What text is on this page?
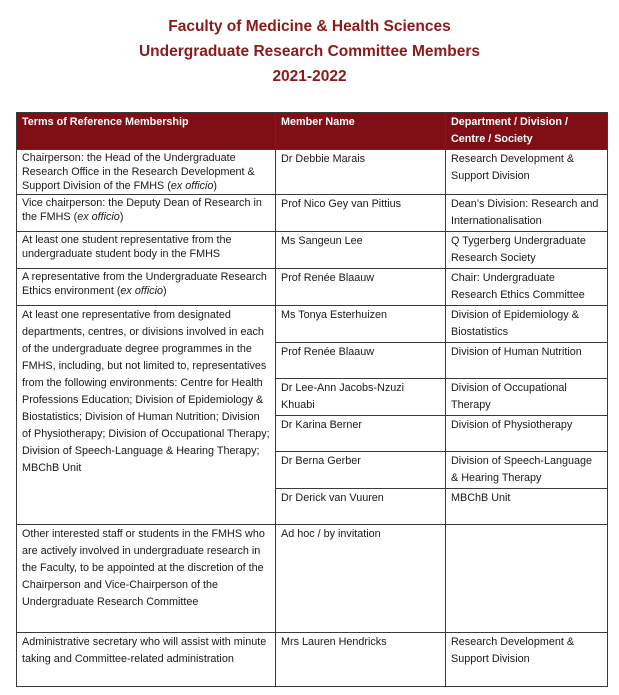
Faculty of Medicine & Health Sciences
Undergraduate Research Committee Members
2021-2022
Terms of Reference Membership	Member Name	Department / Division / Centre / Society

Chairperson: the Head of the Undergraduate Research Office in the Research Development & Support Division of the FMHS (ex officio)	Dr Debbie Marais	Research Development & Support Division

Vice chairperson: the Deputy Dean of Research in the FMHS (ex officio)	Prof Nico Gey van Pittius	Dean’s Division: Research and Internationalisation

At least one student representative from the undergraduate student body in the FMHS	Ms Sangeun Lee	Q Tygerberg Undergraduate Research Society

A representative from the Undergraduate Research Ethics environment (ex officio)	Prof Renée Blaauw	Chair: Undergraduate Research Ethics Committee
At least one representative from designated departments, centres, or divisions involved in each of the undergraduate degree programmes in the FMHS, including, but not limited to, representatives from the following environments: Centre for Health Professions Education; Division of Epidemiology & Biostatistics; Division of Human Nutrition; Division of Physiotherapy; Division of Occupational Therapy; Division of Speech-Language & Hearing Therapy; MBChB Unit	Ms Tonya Esterhuizen	Division of Epidemiology & Biostatistics
	Prof Renée Blaauw	Division of Human Nutrition
	Dr Lee-Ann Jacobs-Nzuzi Khuabi	Division of Occupational Therapy
	Dr Karina Berner	Division of Physiotherapy
	Dr Berna Gerber	Division of Speech-Language & Hearing Therapy
	Dr Derick van Vuuren	MBChB Unit
Other interested staff or students in the FMHS who are actively involved in undergraduate research in the Faculty, to be appointed at the discretion of the Chairperson and Vice-Chairperson of the Undergraduate Research Committee	Ad hoc / by invitation	
Administrative secretary who will assist with minute taking and Committee-related administration	Mrs Lauren Hendricks	Research Development & Support Division
